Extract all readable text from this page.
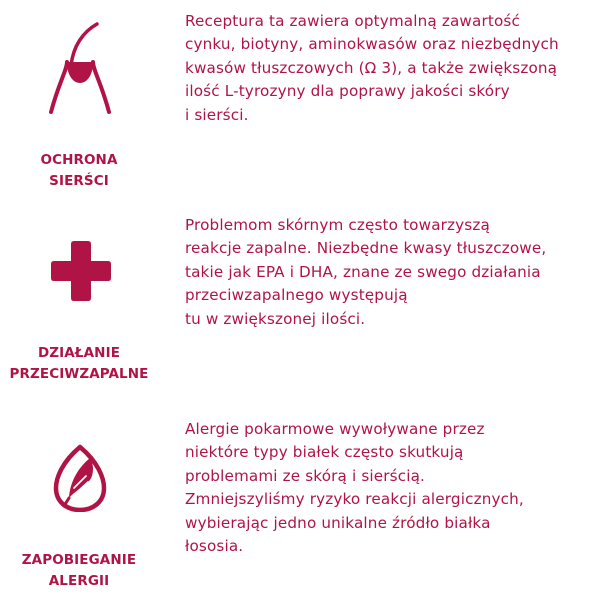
OCHRONA
SIERŚCI
Receptura ta zawiera optymalną zawartość
cynku, biotyny, aminokwasów oraz niezbędnych
kwasów tłuszczowych (Ω 3), a także zwiększoną
ilość L-tyrozyny dla poprawy jakości skóry
i sierści.
DZIAŁANIE
PRZECIWZAPALNE
Problemom skórnym często towarzyszą
reakcje zapalne. Niezbędne kwasy tłuszczowe,
takie jak EPA i DHA, znane ze swego działania
przeciwzapalnego występują
tu w zwiększonej ilości.
ZAPOBIEGANIE
ALERGII
Alergie pokarmowe wywoływane przez
niektóre typy białek często skutkują
problemami ze skórą i sierścią.
Zmniejszyliśmy ryzyko reakcji alergicznych,
wybierając jedno unikalne źródło białka
łososia.
